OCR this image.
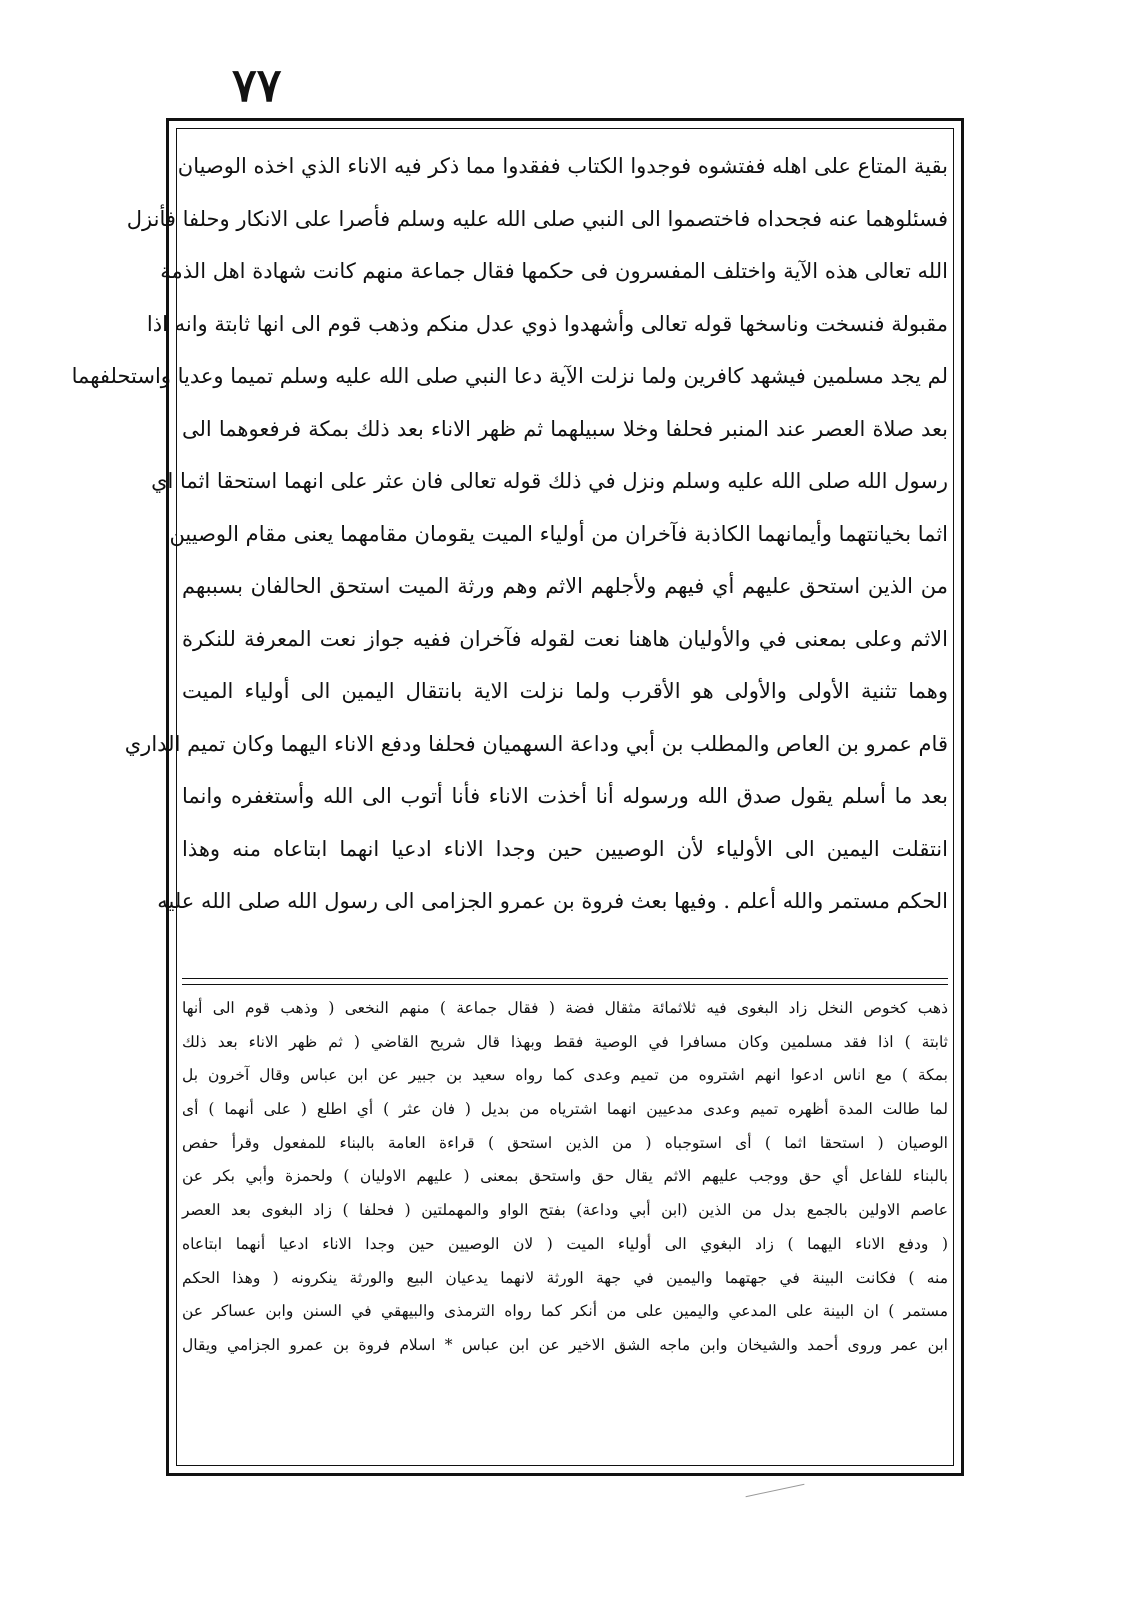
٧٧
بقية المتاع على اهله ففتشوه فوجدوا الكتاب ففقدوا مما ذكر فيه الاناء الذي اخذه الوصيان
فسئلوهما عنه فجحداه فاختصموا الى النبي صلى الله عليه وسلم فأصرا على الانكار وحلفا فأنزل
الله تعالى هذه الآية واختلف المفسرون فى حكمها فقال جماعة منهم كانت شهادة اهل الذمة
مقبولة فنسخت وناسخها قوله تعالى وأشهدوا ذوي عدل منكم وذهب قوم الى انها ثابتة وانه اذا
لم يجد مسلمين فيشهد كافرين ولما نزلت الآية دعا النبي صلى الله عليه وسلم تميما وعديا واستحلفهما
بعد صلاة العصر عند المنبر فحلفا وخلا سبيلهما ثم ظهر الاناء بعد ذلك بمكة فرفعوهما الى
رسول الله صلى الله عليه وسلم ونزل في ذلك قوله تعالى فان عثر على انهما استحقا اثما اي
اثما بخيانتهما وأيمانهما الكاذبة فآخران من أولياء الميت يقومان مقامهما يعنى مقام الوصيين
من الذين استحق عليهم أي فيهم ولأجلهم الاثم وهم ورثة الميت استحق الحالفان بسببهم
الاثم وعلى بمعنى في والأوليان هاهنا نعت لقوله فآخران ففيه جواز نعت المعرفة للنكرة
وهما تثنية الأولى والأولى هو الأقرب ولما نزلت الاية بانتقال اليمين الى أولياء الميت
قام عمرو بن العاص والمطلب بن أبي وداعة السهميان فحلفا ودفع الاناء اليهما وكان تميم الداري
بعد ما أسلم يقول صدق الله ورسوله أنا أخذت الاناء فأنا أتوب الى الله وأستغفره وانما
انتقلت اليمين الى الأولياء لأن الوصيين حين وجدا الاناء ادعيا انهما ابتاعاه منه وهذا
الحكم مستمر والله أعلم . وفيها بعث فروة بن عمرو الجزامى الى رسول الله صلى الله عليه
ذهب كخوص النخل زاد البغوى فيه ثلاثمائة مثقال فضة ( فقال جماعة ) منهم النخعى ( وذهب قوم الى أنها
ثابتة ) اذا فقد مسلمين وكان مسافرا في الوصية فقط وبهذا قال شريح القاضي ( ثم ظهر الاناء بعد ذلك
بمكة ) مع اناس ادعوا انهم اشتروه من تميم وعدى كما رواه سعيد بن جبير عن ابن عباس وقال آخرون بل
لما طالت المدة أظهره تميم وعدى مدعيين انهما اشترياه من بديل ( فان عثر ) أي اطلع ( على أنهما ) أى
الوصيان ( استحقا اثما ) أى استوجباه ( من الذين استحق ) قراءة العامة بالبناء للمفعول وقرأ حفص
بالبناء للفاعل أي حق ووجب عليهم الاثم يقال حق واستحق بمعنى ( عليهم الاوليان ) ولحمزة وأبي بكر عن
عاصم الاولين بالجمع بدل من الذين (ابن أبي وداعة) بفتح الواو والمهملتين ( فحلفا ) زاد البغوى بعد العصر
( ودفع الاناء اليهما ) زاد البغوي الى أولياء الميت ( لان الوصيين حين وجدا الاناء ادعيا أنهما ابتاعاه
منه ) فكانت البينة في جهتهما واليمين في جهة الورثة لانهما يدعيان البيع والورثة ينكرونه ( وهذا الحكم
مستمر ) ان البينة على المدعي واليمين على من أنكر كما رواه الترمذى والبيهقي في السنن وابن عساكر عن
ابن عمر وروى أحمد والشيخان وابن ماجه الشق الاخير عن ابن عباس * اسلام فروة بن عمرو الجزامي ويقال
